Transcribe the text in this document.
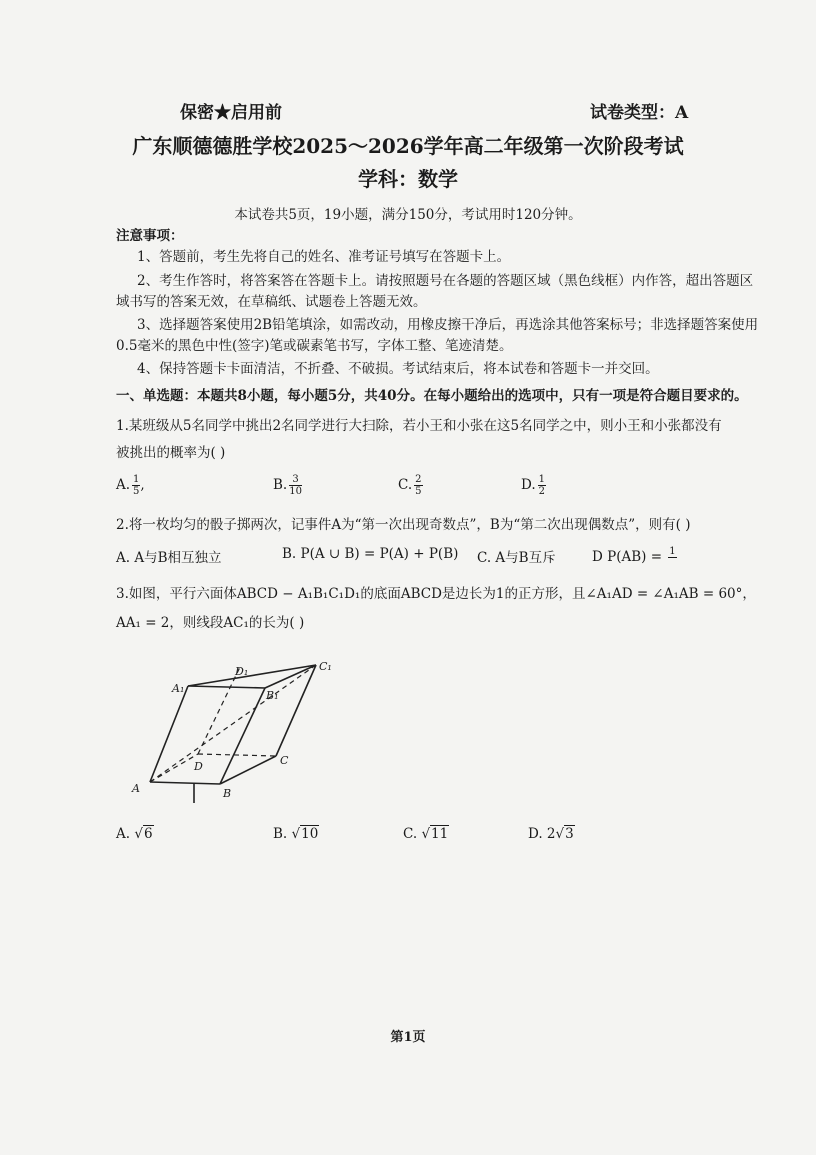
保密★启用前	试卷类型：A
广东顺德德胜学校2025～2026学年高二年级第一次阶段考试
学科：数学
本试卷共5页，19小题，满分150分，考试用时120分钟。
注意事项：
1、答题前，考生先将自己的姓名、准考证号填写在答题卡上。
2、考生作答时，将答案答在答题卡上。请按照题号在各题的答题区域（黑色线框）内作答，超出答题区
域书写的答案无效，在草稿纸、试题卷上答题无效。
3、选择题答案使用2B铅笔填涂，如需改动，用橡皮擦干净后，再选涂其他答案标号；非选择题答案使用
0.5毫米的黑色中性(签字)笔或碳素笔书写，字体工整、笔迹清楚。
4、保持答题卡卡面清洁，不折叠、不破损。考试结束后，将本试卷和答题卡一并交回。
一、单选题：本题共8小题，每小题5分，共40分。在每小题给出的选项中，只有一项是符合题目要求的。
1.某班级从5名同学中挑出2名同学进行大扫除，若小王和小张在这5名同学之中，则小王和小张都没有
被挑出的概率为( )
A. $\frac{1}{5}$ ,	B. $\frac{3}{10}$	C. $\frac{2}{5}$	D. $\frac{1}{2}$
2.将一枚均匀的骰子掷两次，记事件A为“第一次出现奇数点”，B为“第二次出现偶数点”，则有( )
A. A与B相互独立	B. P(A ∪ B) = P(A) + P(B) C. A与B互斥	D P(AB) = 1

3.如图，平行六面体ABCD − A₁B₁C₁D₁的底面ABCD是边长为1的正方形，且∠A₁AD = ∠A₁AB = 60°，
AA₁ = 2，则线段AC₁的长为( )
A	B
C
D
A₁
B₁
C₁
D₁
A. √6	B. √10	C. √11	D. 2√3
第1页
